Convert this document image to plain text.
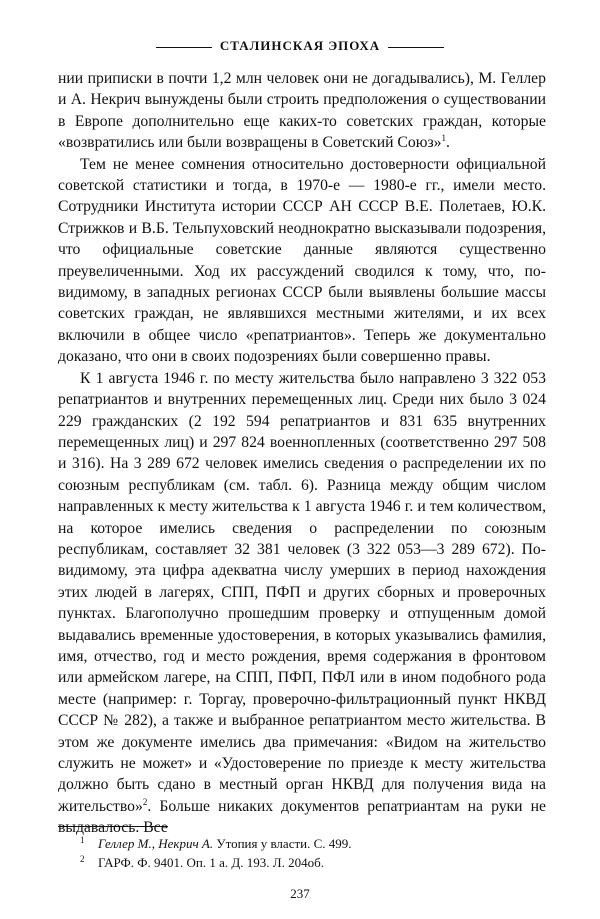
СТАЛИНСКАЯ ЭПОХА

нии приписки в почти 1,2 млн человек они не догадывались), М. Геллер и А. Некрич вынуждены были строить предположения о существовании в Европе дополнительно еще каких-то советских граждан, которые «возвратились или были возвращены в Советский Союз»$^1$.

Тем не менее сомнения относительно достоверности официальной советской статистики и тогда, в 1970-е — 1980-е гг., имели место. Сотрудники Института истории СССР АН СССР В.Е. Полетаев, Ю.К. Стрижков и В.Б. Тельпуховский неоднократно высказывали подозрения, что официальные советские данные являются существенно преувеличенными. Ход их рассуждений сводился к тому, что, по-видимому, в западных регионах СССР были выявлены большие массы советских граждан, не являвшихся местными жителями, и их всех включили в общее число «репатриантов». Теперь же документально доказано, что они в своих подозрениях были совершенно правы.

К 1 августа 1946 г. по месту жительства было направлено 3 322 053 репатриантов и внутренних перемещенных лиц. Среди них было 3 024 229 гражданских (2 192 594 репатриантов и 831 635 внутренних перемещенных лиц) и 297 824 военнопленных (соответственно 297 508 и 316). На 3 289 672 человек имелись сведения о распределении их по союзным республикам (см. табл. 6). Разница между общим числом направленных к месту жительства к 1 августа 1946 г. и тем количеством, на которое имелись сведения о распределении по союзным республикам, составляет 32 381 человек (3 322 053—3 289 672). По-видимому, эта цифра адекватна числу умерших в период нахождения этих людей в лагерях, СПП, ПФП и других сборных и проверочных пунктах. Благополучно прошедшим проверку и отпущенным домой выдавались временные удостоверения, в которых указывались фамилия, имя, отчество, год и место рождения, время содержания в фронтовом или армейском лагере, на СПП, ПФП, ПФЛ или в ином подобного рода месте (например: г. Торгау, проверочно-фильтрационный пункт НКВД СССР № 282), а также и выбранное репатриантом место жительства. В этом же документе имелись два примечания: «Видом на жительство служить не может» и «Удостоверение по приезде к месту жительства должно быть сдано в местный орган НКВД для получения вида на жительство»$^2$. Больше никаких документов репатриантам на руки не выдавалось. Все

1 Геллер М., Некрич А. Утопия у власти. С. 499.

2 ГАРФ. Ф. 9401. Оп. 1 а. Д. 193. Л. 204об.

237
